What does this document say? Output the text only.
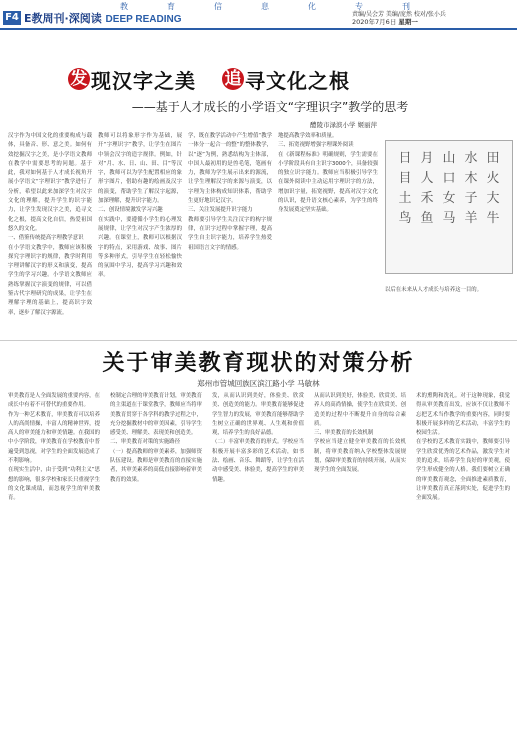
教	育	信	息	化	专	刊
F4 E教周刊·深阅读 DEEP READING	责编/吴会芳 美编/庞然 校对/张小兵
2020年7月6日 星期一
发 现汉字之美 追 寻文化之根
——基于人才成长的小学语文“字理识字”教学的思考
醴陵市渌滨小学 姬丽萍
汉字作为中国文化的重要构成与载体，具备音、形、意之美。如何有效挖掘汉字之美，是小学语文教师在教学中需要思考的问题。基于此，我对如何基于人才成长视角开展小学语文“字理识字”教学进行了分析，希望以此来加深学生对汉字文化的理解，提升学生的识字能力，让学生发现汉字之美，追寻文化之根，提高文化自信，热爱祖国悠久的文化。
一、借鉴传统提高字理教学意识
在小学语文教学中，教师应该积极探究字理识字的规律，教学时利用字理讲解汉字的形义和演变，提高学生的学习兴趣。小学语文教师应熟练掌握汉字演变的规律，可以借鉴古代字理研究的成果，让学生在理解字理的基础上，提高识字效率，逐步了解汉字源流。
教师可以将象形字作为基础，展开“字理识字”教学，让学生在图片中领会汉字的造字规律。例如，针对“月、水、日、山、田、目”等汉字，教师可以为学生配置相应的象形字图片，借助有趣的绘画及汉字的演变，帮助学生了解汉字起源，加深理解，提升识字能力。
二、创设情境激发学习兴趣
在实践中，要遵循小学生的心理发展规律，让学生对汉字产生浓厚的兴趣。在课堂上，教师可以根据汉字的特点，采用游戏、故事、图片等多种形式，引导学生在轻松愉快的氛围中学习，提高学习兴趣和效率。
学，既在教学活动中产生增值“教学一体分一起合一的整”的整体教学，以“逐”为例，熟悉结构为主体部，中国人最初用的是兽毛笔，笔画有力，教师为学生展示出来的源流，让学生理解汉字的来源与演变，以字理为主体构成知识体系，帮助学生更好地识记汉字。
三、关注发展提升识字能力
教师要引导学生关注汉字的构字规律，在识字过程中掌握字理，提高学生自主识字能力，培养学生热爱祖国语言文字的情感。
地提高教学效率和质量。
三、拓宽视野增强字理课外阅读
在《新课程标准》明确规则，学生需要在小学阶段具有自主识字3000个，具备较强的独立识字能力。教师应当积极引导学生在课外阅读中主动运用字理识字的方法，增加识字量，拓宽视野，提高对汉字文化的认识，提升语文核心素养，为学生的终身发展奠定坚实基础。
日 月 山 水 田
目 人 口 木 火
土 禾 女 子 大
鸟 鱼 马 羊 牛
以后在未来从人才成长与培养这一目的。
关于审美教育现状的对策分析
郑州市管城回族区滨江路小学 马敏林
审美教育是人全面发展的重要内容，在成长中有着不可替代的重要作用。
作为一种艺术教育，审美教育可以培养人的高尚情操，丰富人的精神世界，提高人的审美能力和审美情趣。在我国的中小学阶段，审美教育在学校教育中普遍受到忽视，对学生的全面发展造成了不利影响。
在现实生活中，由于受到“功利主义”思想的影响，很多学校和家长只重视学生的文化课成绩，而忽视学生的审美教育。
校制定合理的审美教育计划，审美教育的主渠道在于课堂教学，教师应当将审美教育贯穿于各学科的教学过程之中，充分挖掘教材中的审美因素，引导学生感受美、理解美、表现美和创造美。
二、审美教育对策的实施路径
（一）提高教师的审美素养，加强师资队伍建设。教师是审美教育的直接实施者，其审美素养的高低直接影响着审美教育的效果。
发，从而认识到美好，体验美、欣赏美、创造美的能力。审美教育能够促进学生智力的发展，审美教育能够帮助学生树立正确的世界观、人生观和价值观，培养学生的良好品德。
（二）丰富审美教育的形式。学校应当积极开展丰富多彩的艺术活动，如书法、绘画、音乐、舞蹈等，让学生在活动中感受美、体验美，提高学生的审美情趣。
从而认识到美好，体验美、欣赏美、培养人的高尚情操，使学生在欣赏美、创造美的过程中不断提升自身的综合素质。
三、审美教育的长效机制
学校应当建立健全审美教育的长效机制，将审美教育纳入学校整体发展规划，保障审美教育的持续开展，从而实现学生的全面发展。
术的熏陶和洗礼。对于这种现象，我觉得从审美教育出发，应该不仅让教师不忘把艺术当作教学的重要内容，同时要积极开展多样的艺术活动，丰富学生的校园生活。
在学校的艺术教育实践中，教师要引导学生欣赏优秀的艺术作品，激发学生对美的追求，培养学生良好的审美观，使学生形成健全的人格。我们要树立正确的审美教育观念，全面推进素质教育，让审美教育真正落到实处，促进学生的全面发展。
